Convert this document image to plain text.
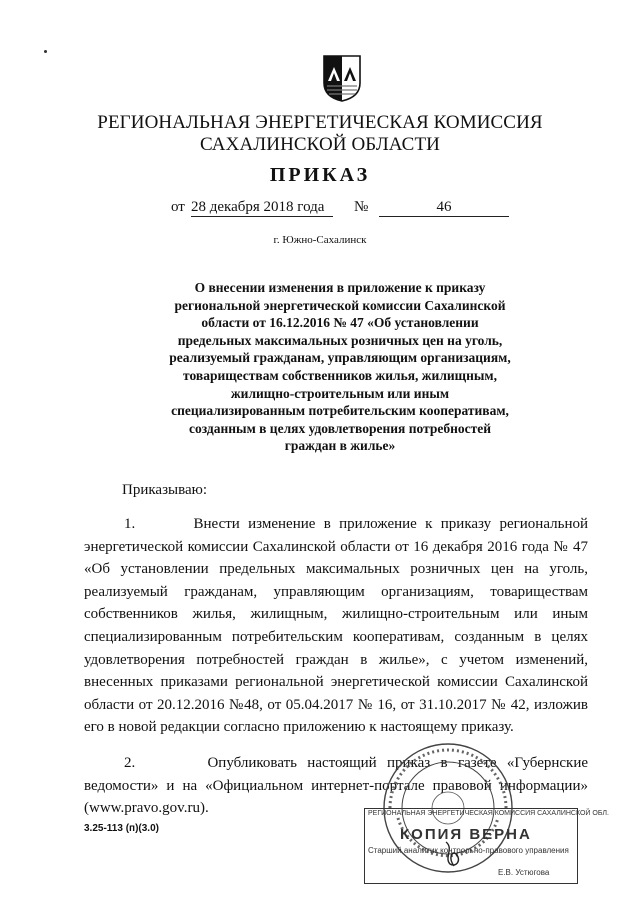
РЕГИОНАЛЬНАЯ ЭНЕРГЕТИЧЕСКАЯ КОМИССИЯ
САХАЛИНСКОЙ ОБЛАСТИ
ПРИКАЗ
от 28 декабря 2018 года	№	46
г. Южно-Сахалинск
О внесении изменения в приложение к приказу
региональной энергетической комиссии Сахалинской
области от 16.12.2016 № 47 «Об установлении
предельных максимальных розничных цен на уголь,
реализуемый гражданам, управляющим организациям,
товариществам собственников жилья, жилищным,
жилищно-строительным или иным
специализированным потребительским кооперативам,
созданным в целях удовлетворения потребностей
граждан в жилье»
Приказываю:
1.	Внести изменение в приложение к приказу региональной
энергетической комиссии Сахалинской области от 16 декабря 2016 года № 47
«Об установлении предельных максимальных розничных цен на уголь,
реализуемый гражданам, управляющим организациям, товариществам
собственников жилья, жилищным, жилищно-строительным или иным
специализированным потребительским кооперативам, созданным в целях
удовлетворения потребностей граждан в жилье», с учетом изменений,
внесенных приказами региональной энергетической комиссии Сахалинской
области от 20.12.2016 №48, от 05.04.2017 № 16, от 31.10.2017 № 42, изложив
его в новой редакции согласно приложению к настоящему приказу.
2.	Опубликовать настоящий приказ в газете «Губернские
ведомости» и на «Официальном интернет-портале правовой информации»
(www.pravo.gov.ru).
3.25-113 (п)(3.0)
РЕГИОНАЛЬНАЯ ЭНЕРГЕТИЧЕСКАЯ КОМИССИЯ САХАЛИНСКОЙ ОБЛ.
КОПИЯ ВЕРНА
Старший аналитик контрольно-правового управления
Е.В. Устюгова
